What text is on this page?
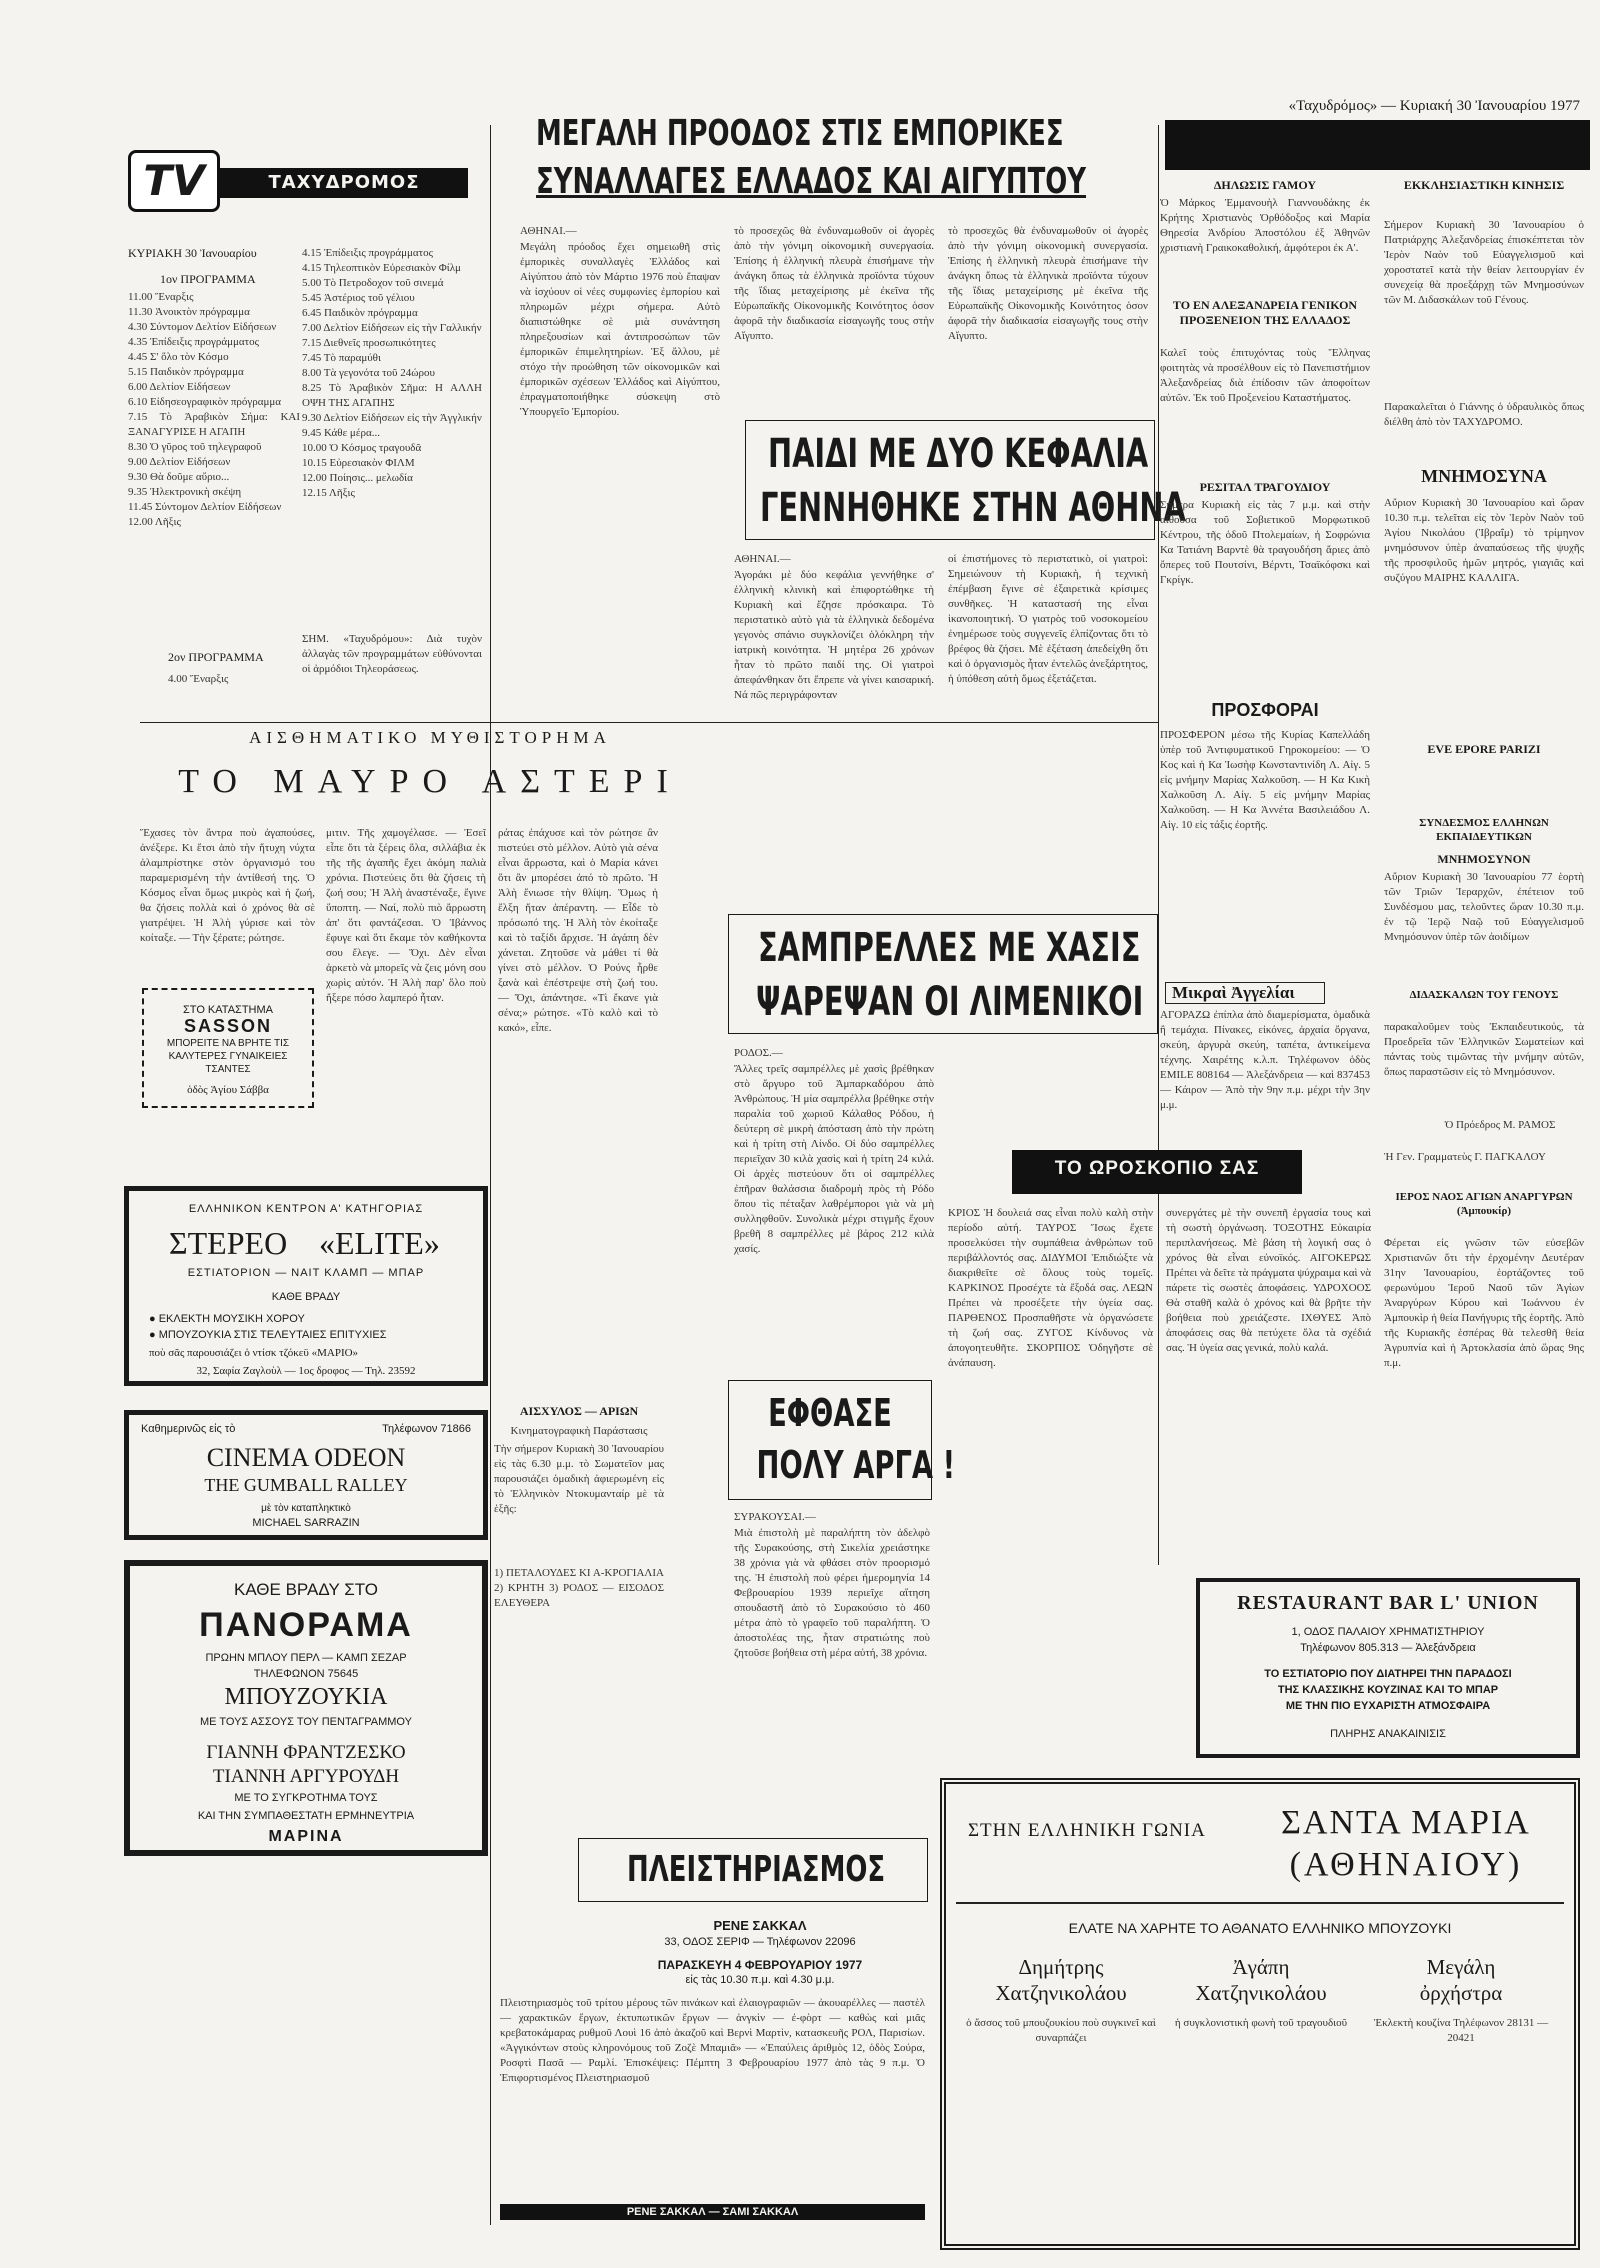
«Ταχυδρόμος» — Κυριακή 30 Ἰανουαρίου 1977
TV	ΤΑΧΥΔΡΟΜΟΣ
ΚΥΡΙΑΚΗ 30 Ἰανουαρίου
1ον ΠΡΟΓΡΑΜΜΑ
11.00 Ἔναρξις
11.30 Ἀνοικτὸν πρόγραμμα
4.30 Σύντομον Δελτίον Εἰδήσεων
4.35 Ἐπίδειξις προγράμματος
4.45 Σ' ὅλο τὸν Κόσμο
5.15 Παιδικὸν πρόγραμμα
6.00 Δελτίον Εἰδήσεων
6.10 Εἰδησεογραφικὸν πρόγραμμα
7.15 Τὸ Ἀραβικὸν Σήμα: ΚΑΙ ΞΑΝΑΓΥΡΙΣΕ Η ΑΓΑΠΗ
8.30 Ὁ γῦρος τοῦ τηλεγραφοῦ
9.00 Δελτίον Εἰδήσεων
9.30 Θὰ δοῦμε αὔριο...
9.35 Ἠλεκτρονικὴ σκέψη
11.45 Σύντομον Δελτίον Εἰδήσεων
12.00 Λῆξις
2ον ΠΡΟΓΡΑΜΜΑ
4.00 Ἔναρξις
4.15 Ἐπίδειξις προγράμματος
4.15 Τηλεοπτικὸν Εὐρεσιακὸν Φίλμ
5.00 Τὸ Πετροδοχον τοῦ σινεμά
5.45 Ἀστέριος τοῦ γέλιου
6.45 Παιδικὸν πρόγραμμα
7.00 Δελτίον Εἰδήσεων εἰς τὴν Γαλλικήν
7.15 Διεθνεῖς προσωπικότητες
7.45 Τὸ παραμύθι
8.00 Τὰ γεγονότα τοῦ 24ώρου
8.25 Τὸ Ἀραβικὸν Σῆμα: Η ΑΛΛΗ ΟΨΗ ΤΗΣ ΑΓΑΠΗΣ
9.30 Δελτίον Εἰδήσεων εἰς τὴν Ἀγγλικήν
9.45 Κάθε μέρα...
10.00 Ὁ Κόσμος τραγουδᾶ
10.15 Εὐρεσιακὸν ΦΙΛΜ
12.00 Ποίησις... μελωδία
12.15 Λῆξις
ΣΗΜ. «Ταχυδρόμου»: Διὰ τυχὸν ἀλλαγὰς τῶν προγραμμάτων εὐθύνονται οἱ ἀρμόδιοι Τηλεοράσεως.
ΜΕΓΑΛΗ ΠΡΟΟΔΟΣ ΣΤΙΣ ΕΜΠΟΡΙΚΕΣ
ΣΥΝΑΛΛΑΓΕΣ ΕΛΛΑΔΟΣ ΚΑΙ ΑΙΓΥΠΤΟΥ
ΑΘΗΝΑΙ.—
Μεγάλη πρόοδος ἔχει σημειωθῆ στὶς ἐμπορικὲς συναλλαγὲς Ἑλλάδος καὶ Αἰγύπτου ἀπὸ τὸν Μάρτιο 1976 ποὺ ἔπαψαν νὰ ἰσχύουν οἱ νέες συμφωνίες ἐμπορίου καὶ πληρωμῶν μέχρι σήμερα. Αὐτὸ διαπιστώθηκε σὲ μιὰ συνάντηση πληρεξουσίων καὶ ἀντιπροσώπων τῶν ἐμπορικῶν ἐπιμελητηρίων. Ἐξ ἄλλου, μὲ στόχο τὴν προώθηση τῶν οἰκονομικῶν καὶ ἐμπορικῶν σχέσεων Ἑλλάδος καὶ Αἰγύπτου, ἐπραγματοποιήθηκε σύσκεψη στὸ Ὑπουργεῖο Ἐμπορίου.
τὸ προσεχῶς θὰ ἐνδυναμωθοῦν οἱ ἀγορὲς ἀπὸ τὴν γόνιμη οἰκονομικὴ συνεργασία. Ἐπίσης ἡ ἑλληνικὴ πλευρὰ ἐπισήμανε τὴν ἀνάγκη ὅπως τὰ ἑλληνικὰ προϊόντα τύχουν τῆς ἴδιας μεταχείρισης μὲ ἐκεῖνα τῆς Εὐρωπαϊκῆς Οἰκονομικῆς Κοινότητος ὁσον ἀφορᾶ τὴν διαδικασία εἰσαγωγῆς τους στὴν Αἴγυπτο.
τὸ προσεχῶς θὰ ἐνδυναμωθοῦν οἱ ἀγορὲς ἀπὸ τὴν γόνιμη οἰκονομικὴ συνεργασία. Ἐπίσης ἡ ἑλληνικὴ πλευρὰ ἐπισήμανε τὴν ἀνάγκη ὅπως τὰ ἑλληνικὰ προϊόντα τύχουν τῆς ἴδιας μεταχείρισης μὲ ἐκεῖνα τῆς Εὐρωπαϊκῆς Οἰκονομικῆς Κοινότητος ὁσον ἀφορᾶ τὴν διαδικασία εἰσαγωγῆς τους στὴν Αἴγυπτο.
ΠΑΙΔΙ ΜΕ ΔΥΟ ΚΕΦΑΛΙΑ
ΓΕΝΝΗΘΗΚΕ ΣΤΗΝ ΑΘΗΝΑ
ΑΘΗΝΑΙ.—
Ἀγοράκι μὲ δύο κεφάλια γεννήθηκε σ' ἑλληνικὴ κλινικὴ καὶ ἐπιφορτώθηκε τὴ Κυριακὴ καὶ ἔζησε πρόσκαιρα. Τὸ περιστατικὸ αὐτὸ γιὰ τὰ ἑλληνικὰ δεδομένα γεγονὸς σπάνιο συγκλονίζει ὁλόκληρη τὴν ἰατρικὴ κοινότητα. Ἡ μητέρα 26 χρόνων ἦταν τὸ πρῶτο παιδί της. Οἱ γιατροὶ ἀπεφάνθηκαν ὅτι ἔπρεπε νὰ γίνει καισαρική. Νά πῶς περιγράφονταν
οἱ ἐπιστήμονες τὸ περιστατικὸ, οἱ γιατροὶ: Σημειώνουν τὴ Κυριακὴ, ἡ τεχνικὴ ἐπέμβαση ἔγινε σὲ ἐξαιρετικὰ κρίσιμες συνθῆκες. Ἡ καταστασή της εἶναι ἱκανοποιητική. Ὁ γιατρὸς τοῦ νοσοκομείου ἐνημέρωσε τοὺς συγγενεῖς ἐλπίζοντας ὅτι τὸ βρέφος θὰ ζήσει. Μὲ ἐξέταση ἀπεδείχθη ὅτι καὶ ὁ ὀργανισμὸς ἦταν ἐντελῶς ἀνεξάρτητος, ἡ ὑπόθεση αὐτὴ ὅμως ἐξετάζεται.
ΔΗΛΩΣΙΣ ΓΑΜΟΥ
Ὁ Μάρκος Ἐμμανουὴλ Γιαννουδάκης ἐκ Κρήτης Χριστιανὸς Ὀρθόδοξος καὶ Μαρία Θηρεσία Ἀνδρίου Ἀποστόλου ἐξ Ἀθηνῶν χριστιανὴ Γραικοκαθολική, ἀμφότεροι ἐκ Α'.
ΤΟ ΕΝ ΑΛΕΞΑΝΔΡΕΙΑ ΓΕΝΙΚΟΝ ΠΡΟΞΕΝΕΙΟΝ ΤΗΣ ΕΛΛΑΔΟΣ
Καλεῖ τοὺς ἐπιτυχόντας τοὺς Ἕλληνας φοιτητὰς νὰ προσέλθουν εἰς τὸ Πανεπιστήμιον Ἀλεξανδρείας διὰ ἐπίδοσιν τῶν ἀποφοίτων αὐτῶν. Ἐκ τοῦ Προξενείου Καταστήματος.
ΡΕΣΙΤΑΛ ΤΡΑΓΟΥΔΙΟΥ
Σήμερα Κυριακὴ εἰς τὰς 7 μ.μ. καὶ στὴν αἴθουσα τοῦ Σοβιετικοῦ Μορφωτικοῦ Κέντρου, τῆς ὁδοῦ Πτολεμαίων, ἡ Σοφρώνια Κα Τατιάνη Βαρντὲ θὰ τραγουδήση ἄριες ἀπὸ ὄπερες τοῦ Πουτσίνι, Βέρντι, Τσαϊκόφσκι καὶ Γκρίγκ.
ΕΚΚΛΗΣΙΑΣΤΙΚΗ ΚΙΝΗΣΙΣ
Σήμερον Κυριακὴ 30 Ἰανουαρίου ὁ Πατριάρχης Ἀλεξανδρείας ἐπισκέπτεται τὸν Ἱερὸν Ναὸν τοῦ Εὐαγγελισμοῦ καὶ χοροστατεῖ κατὰ τὴν θείαν λειτουργίαν ἐν συνεχείᾳ θὰ προεξάρχῃ τῶν Μνημοσύνων τῶν Μ. Διδασκάλων τοῦ Γένους.
Παρακαλεῖται ὁ Γιάννης ὁ ὑδραυλικὸς ὅπως διέλθη ἀπὸ τὸν ΤΑΧΥΔΡΟΜΟ.
ΜΝΗΜΟΣΥΝΑ
Αὔριον Κυριακὴ 30 Ἰανουαρίου καὶ ὥραν 10.30 π.μ. τελεῖται εἰς τὸν Ἱερὸν Ναὸν τοῦ Ἁγίου Νικολάου (Ἰβραΐμ) τὸ τρίμηνον μνημόσυνον ὑπὲρ ἀναπαύσεως τῆς ψυχῆς τῆς προσφιλοῦς ἡμῶν μητρός, γιαγιᾶς καὶ συζύγου ΜΑΙΡΗΣ ΚΑΛΛΙΓΑ.
ΠΡΟΣΦΟΡΑΙ
ΠΡΟΣΦΕΡΟΝ μέσω τῆς Κυρίας Καπελλάδη ὑπὲρ τοῦ Ἀντιφυματικοῦ Γηροκομείου: — Ὁ Κος καὶ ἡ Κα Ἰωσὴφ Κωνσταντινίδη Λ. Αἰγ. 5 εἰς μνήμην Μαρίας Χαλκοῦση. — Η Κα Κικὴ Χαλκοῦση Λ. Αἰγ. 5 εἰς μνήμην Μαρίας Χαλκοῦση. — Η Κα Ἀννέτα Βασιλειάδου Λ. Αἰγ. 10 εἰς τάξις ἐορτῆς.
Μικραὶ Ἀγγελίαι
ΑΓΟΡΑΖΩ ἐπίπλα ἀπὸ διαμερίσματα, ὁμαδικὰ ἢ τεμάχια. Πίνακες, εἰκόνες, ἀρχαία ὄργανα, σκεύη, ἀργυρὰ σκεύη, ταπέτα, ἀντικείμενα τέχνης. Χαιρέτης κ.λ.π. Τηλέφωνον ὁδὸς EMILE 808164 — Ἀλεξάνδρεια — καὶ 837453 — Κάιρον — Ἀπὸ τὴν 9ην π.μ. μέχρι τὴν 3ην μ.μ.
EVE EPORE PARIZI
ΣΥΝΔΕΣΜΟΣ ΕΛΛΗΝΩΝ ΕΚΠΑΙΔΕΥΤΙΚΩΝ
ΜΝΗΜΟΣΥΝΟΝ
Αὔριον Κυριακὴ 30 Ἰανουαρίου 77 ἑορτὴ τῶν Τριῶν Ἱεραρχῶν, ἐπέτειον τοῦ Συνδέσμου μας, τελοῦντες ὥραν 10.30 π.μ. ἐν τῷ Ἱερῷ Ναῷ τοῦ Εὐαγγελισμοῦ Μνημόσυνον ὑπὲρ τῶν ἀοιδίμων
ΔΙΔΑΣΚΑΛΩΝ ΤΟΥ ΓΕΝΟΥΣ
παρακαλοῦμεν τοὺς Ἐκπαιδευτικούς, τὰ Προεδρεῖα τῶν Ἑλληνικῶν Σωματείων καὶ πάντας τοὺς τιμῶντας τὴν μνήμην αὐτῶν, ὅπως παραστῶσιν εἰς τὸ Μνημόσυνον.
Ὁ Πρόεδρος Μ. ΡΑΜΟΣ
Ἡ Γεν. Γραμματεὺς Γ. ΠΑΓΚΑΛΟΥ
ΙΕΡΟΣ ΝΑΟΣ ΑΓΙΩΝ ΑΝΑΡΓΥΡΩΝ (Ἀμπουκίρ)
Φέρεται εἰς γνῶσιν τῶν εὐσεβῶν Χριστιανῶν ὅτι τὴν ἐρχομένην Δευτέραν 31ην Ἰανουαρίου, ἑορτάζοντες τοῦ φερωνύμου Ἱεροῦ Ναοῦ τῶν Ἁγίων Ἀναργύρων Κύρου καὶ Ἰωάννου ἐν Ἀμπουκὶρ ἡ θεία Πανήγυρις τῆς ἑορτῆς. Ἀπὸ τῆς Κυριακῆς ἑσπέρας θὰ τελεσθῆ θεία Ἀγρυπνία καὶ ἡ Ἀρτοκλασία ἀπὸ ὥρας 9ης π.μ.
ΑΙΣΘΗΜΑΤΙΚΟ ΜΥΘΙΣΤΟΡΗΜΑ
ΤΟ ΜΑΥΡΟ ΑΣΤΕΡΙ
Ἔχασες τὸν ἄντρα ποὺ ἀγαπούσες, ἀνέξερε. Κι ἔτσι ἀπὸ τὴν ἥτυχη νύχτα ἀλαμπρίστηκε στὸν ὀργανισμό του παραμερισμένη τὴν ἀντίθεσή της. Ὁ Κόσμος εἶναι ὅμως μικρὸς καὶ ἡ ζωή, θα ζήσεις πολλὰ καὶ ὁ χρόνος θὰ σὲ γιατρέψει. Ἡ Ἀλὴ γύρισε καὶ τὸν κοίταξε. — Τὴν ξέρατε; ρώτησε.
μιτιν. Τῆς χαμογέλασε. — Ἐσεῖ εἶπε ὅτι τὰ ξέρεις ὅλα, σιλλάβια ἐκ τῆς τῆς ἀγαπῆς ἔχει ἀκόμη παλιὰ χρόνια. Πιστεύεις ὅτι θὰ ζήσεις τὴ ζωή σου; Ἡ Ἀλὴ ἀναστέναξε, ἔγινε ὕποπτη. — Ναί, πολὺ πιὸ ἄρρωστη ἀπ' ὅτι φαντάζεσαι. Ὁ Ἰβάννος ἔφυγε καὶ ὅτι ἔκαμε τὸν καθήκοντα σου ἔλεγε. — Ὄχι. Δὲν εἶναι ἀρκετὸ νὰ μπορεῖς νὰ ζεις μόνη σου χωρὶς αὐτόν. Ἡ Ἀλὴ παρ' ὅλο ποὺ ἤξερε πόσο λαμπερό ἦταν.
ράτας ἐπάχυσε καὶ τὸν ρώτησε ἂν πιστεύει στὸ μέλλον. Αὐτὸ γιὰ σένα εἶναι ἄρρωστα, καὶ ὁ Μαρία κάνει ὅτι ἂν μπορέσει ἀπό τὸ πρῶτο. Ἡ Ἀλὴ ἔνιωσε τὴν θλίψη. Ὅμως ἡ ἔλξη ἤταν ἀπέραντη. — Εἶδε τὸ πρόσωπό της. Ἡ Ἀλὴ τὸν ἐκοίταξε καὶ τὸ ταξίδι ἄρχισε. Ἡ ἀγάπη δὲν χάνεται. Ζητοῦσε νὰ μάθει τί θὰ γίνει στὸ μέλλον. Ὁ Ρούνς ἦρθε ξανὰ καὶ ἐπέστρεψε στὴ ζωή του. — Ὄχι, ἀπάντησε. «Τὶ ἔκανε γιὰ σένα;» ρώτησε. «Τὸ καλὸ καὶ τὸ κακό», εἶπε.
ΣΤΟ ΚΑΤΑΣΤΗΜΑ
SASSON
ΜΠΟΡΕΙΤΕ ΝΑ ΒΡΗΤΕ ΤΙΣ ΚΑΛΥΤΕΡΕΣ ΓΥΝΑΙΚΕΙΕΣ ΤΣΑΝΤΕΣ
ὁδὸς Ἁγίου Σάββα
ΕΛΛΗΝΙΚΟΝ ΚΕΝΤΡΟΝ Α' ΚΑΤΗΓΟΡΙΑΣ
ΣΤΕΡΕΟ «ELITE»
ΕΣΤΙΑΤΟΡΙΟΝ — ΝΑΙΤ ΚΛΑΜΠ — ΜΠΑΡ
ΚΑΘΕ ΒΡΑΔΥ
● ΕΚΛΕΚΤΗ ΜΟΥΣΙΚΗ ΧΟΡΟΥ
● ΜΠΟΥΖΟΥΚΙΑ ΣΤΙΣ ΤΕΛΕΥΤΑΙΕΣ ΕΠΙΤΥΧΙΕΣ
ποὺ σᾶς παρουσιάζει ὁ ντίσκ τζόκεϋ «ΜΑΡΙΟ»
32, Σαφία Ζαγλοὺλ — 1ος δροφος — Τηλ. 23592
Καθημερινῶς εἰς τὸ	Τηλέφωνον 71866
CINEMA ODEON
THE GUMBALL RALLEY
μὲ τὸν καταπληκτικὸ
MICHAEL SARRAZIN
ΚΑΘΕ ΒΡΑΔΥ ΣΤΟ
ΠΑΝΟΡΑΜΑ
ΠΡΩΗΝ ΜΠΛΟΥ ΠΕΡΛ — ΚΑΜΠ ΣΕΖΑΡ
ΤΗΛΕΦΩΝΟΝ 75645
ΜΠΟΥΖΟΥΚΙΑ
ΜΕ ΤΟΥΣ ΑΣΣΟΥΣ ΤΟΥ ΠΕΝΤΑΓΡΑΜΜΟΥ
ΓΙΑΝΝΗ ΦΡΑΝΤΖΕΣΚΟ
ΤΙΑΝΝΗ ΑΡΓΥΡΟΥΔΗ
ΜΕ ΤΟ ΣΥΓΚΡΟΤΗΜΑ ΤΟΥΣ
ΚΑΙ ΤΗΝ ΣΥΜΠΑΘΕΣΤΑΤΗ ΕΡΜΗΝΕΥΤΡΙΑ
ΜΑΡΙΝΑ
ΑΙΣΧΥΛΟΣ — ΑΡΙΩΝ
Κινηματογραφικὴ Παράστασις
Τὴν σήμερον Κυριακὴ 30 Ἰανουαρίου εἰς τὰς 6.30 μ.μ. τὸ Σωματεῖον μας παρουσιάζει ὁμαδικὴ ἀφιερωμένη εἰς τὸ Ἑλληνικὸν Ντοκυμανταίρ μὲ τὰ ἑξῆς:
1) ΠΕΤΑΛΟΥΔΕΣ ΚΙ Α-ΚΡΟΓΙΑΛΙΑ 2) ΚΡΗΤΗ 3) ΡΟΔΟΣ — ΕΙΣΟΔΟΣ ΕΛΕΥΘΕΡΑ
ΣΑΜΠΡΕΛΛΕΣ ΜΕ ΧΑΣΙΣ
ΨΑΡΕΨΑΝ ΟΙ ΛΙΜΕΝΙΚΟΙ
ΡΟΔΟΣ.—
Ἄλλες τρεῖς σαμπρέλλες μὲ χασὶς βρέθηκαν στὸ ἄργυρο τοῦ Ἀμπαρκαδόρου ἀπὸ Ἀνθρώπους. Ἡ μία σαμπρέλλα βρέθηκε στὴν παραλία τοῦ χωριοῦ Κάλαθος Ρόδου, ἡ δεύτερη σὲ μικρὴ ἀπόσταση ἀπὸ τὴν πρώτη καὶ ἡ τρίτη στὴ Λίνδο. Οἱ δύο σαμπρέλλες περιεῖχαν 30 κιλὰ χασὶς καὶ ἡ τρίτη 24 κιλά. Οἱ ἀρχὲς πιστεύουν ὅτι οἱ σαμπρέλλες ἐπῆραν θαλάσσια διαδρομὴ πρὸς τὴ Ρόδο ὅπου τὶς πέταξαν λαθρέμποροι γιὰ νὰ μὴ συλληφθοῦν. Συνολικὰ μέχρι στιγμῆς ἔχουν βρεθῆ 8 σαμπρέλλες μὲ βάρος 212 κιλὰ χασίς.
ΕΦΘΑΣΕ
ΠΟΛΥ ΑΡΓΑ !
ΣΥΡΑΚΟΥΣΑΙ.—
Μιὰ ἐπιστολὴ μὲ παραλήπτη τὸν ἀδελφὸ τῆς Συρακούσης, στὴ Σικελία χρειάστηκε 38 χρόνια γιὰ νὰ φθάσει στὸν προορισμό της. Ἡ ἐπιστολὴ ποὺ φέρει ἡμερομηνία 14 Φεβρουαρίου 1939 περιεῖχε αἴτηση σπουδαστῆ ἀπὸ τὸ Συρακούσιο τὸ 460 μέτρα ἀπὸ τὸ γραφεῖο τοῦ παραλήπτη. Ὁ ἀποστολέας της, ἦταν στρατιώτης ποὺ ζητοῦσε βοήθεια στὴ μέρα αὐτή, 38 χρόνια.
ΤΟ ΩΡΟΣΚΟΠΙΟ ΣΑΣ
ΚΡΙΟΣ Ἡ δουλειά σας εἶναι πολὺ καλὴ στὴν περίοδο αὐτή. ΤΑΥΡΟΣ Ἴσως ἔχετε προσελκύσει τὴν συμπάθεια ἀνθρώπων τοῦ περιβάλλοντός σας. ΔΙΔΥΜΟΙ Ἐπιδιώξτε νὰ διακριθεῖτε σὲ ὅλους τοὺς τομεῖς. ΚΑΡΚΙΝΟΣ Προσέχτε τὰ ἔξοδά σας. ΛΕΩΝ Πρέπει νὰ προσέξετε τὴν ὑγεία σας. ΠΑΡΘΕΝΟΣ Προσπαθῆστε νὰ ὀργανώσετε τὴ ζωή σας. ΖΥΓΟΣ Κίνδυνος νὰ ἀπογοητευθῆτε. ΣΚΟΡΠΙΟΣ Ὁδηγῆστε σὲ ἀνάπαυση.
συνεργάτες μὲ τὴν συνεπῆ ἐργασία τους καὶ τὴ σωστὴ ὀργάνωση. ΤΟΞΟΤΗΣ Εὐκαιρία περιπλανήσεως. Μὲ βάση τὴ λογική σας ὁ χρόνος θὰ εἶναι εὐνοϊκός. ΑΙΓΟΚΕΡΩΣ Πρέπει νὰ δεῖτε τὰ πράγματα ψύχραιμα καὶ νὰ πάρετε τὶς σωστὲς ἀποφάσεις. ΥΔΡΟΧΟΟΣ Θὰ σταθῆ καλὰ ὁ χρόνος καὶ θὰ βρῆτε τὴν βοήθεια ποὺ χρειάζεστε. ΙΧΘΥΕΣ Ἀπὸ ἀποφάσεις σας θὰ πετύχετε ὅλα τὰ σχέδιά σας. Ἡ ὑγεία σας γενικά, πολὺ καλά.
ΠΛΕΙΣΤΗΡΙΑΣΜΟΣ
ΡΕΝΕ ΣΑΚΚΑΛ
33, ΟΔΟΣ ΣΕΡΙΦ — Τηλέφωνον 22096
ΠΑΡΑΣΚΕΥΗ 4 ΦΕΒΡΟΥΑΡΙΟΥ 1977
εἰς τὰς 10.30 π.μ. καὶ 4.30 μ.μ.
Πλειστηριασμὸς τοῦ τρίτου μέρους τῶν πινάκων καὶ ἐλαιογραφιῶν — ἀκουαρέλλες — παστὲλ — χαρακτικῶν ἔργων, ἐκτυπωτικῶν ἔργων — ἀνγκὶν — ἐ-φὸρτ — καθὼς καὶ μιᾶς κρεβατοκάμαρας ρυθμοῦ Λουὶ 16 ἀπὸ ἀκαζοῦ καὶ Βερνὶ Μαρτὶν, κατασκευῆς ΡΟΛ, Παρισίων. «Ἀγγικόντων στοὺς κληρονόμους τοῦ Ζοζὲ Μπαμιᾶ» — «Ἐπαύλεις ἀριθμὸς 12, ὁδὸς Σούρα, Ροσφτὶ Πασᾶ — Ραμλί. Ἐπισκέψεις: Πέμπτη 3 Φεβρουαρίου 1977 ἀπὸ τὰς 9 π.μ. Ὁ Ἐπιφορτισμένος Πλειστηριασμοῦ
ΡΕΝΕ ΣΑΚΚΑΛ — ΣΑΜΙ ΣΑΚΚΑΛ
RESTAURANT BAR L' UNION
1, ΟΔΟΣ ΠΑΛΑΙΟΥ ΧΡΗΜΑΤΙΣΤΗΡΙΟΥ
Τηλέφωνον 805.313 — Ἀλεξάνδρεια
ΤΟ ΕΣΤΙΑΤΟΡΙΟ ΠΟΥ ΔΙΑΤΗΡΕΙ ΤΗΝ ΠΑΡΑΔΟΣΙ
ΤΗΣ ΚΛΑΣΣΙΚΗΣ ΚΟΥΖΙΝΑΣ ΚΑΙ ΤΟ ΜΠΑΡ
ΜΕ ΤΗΝ ΠΙΟ ΕΥΧΑΡΙΣΤΗ ΑΤΜΟΣΦΑΙΡΑ
ΠΛΗΡΗΣ ΑΝΑΚΑΙΝΙΣΙΣ
ΣΤΗΝ ΕΛΛΗΝΙΚΗ ΓΩΝΙΑ	ΣΑΝΤΑ ΜΑΡΙΑ
(ΑΘΗΝΑΙΟΥ)
ΕΛΑΤΕ ΝΑ ΧΑΡΗΤΕ ΤΟ ΑΘΑΝΑΤΟ ΕΛΛΗΝΙΚΟ ΜΠΟΥΖΟΥΚΙ
Δημήτρης
Χατζηνικολάου
Ἀγάπη
Χατζηνικολάου
Μεγάλη
ὀρχήστρα
ὁ ἄσσος τοῦ μπουζουκίου ποὺ συγκινεῖ καὶ συναρπάζει
ἡ συγκλονιστικὴ φωνὴ τοῦ τραγουδιοῦ	Ἐκλεκτὴ κουζίνα Τηλέφωνον 28131 — 20421
